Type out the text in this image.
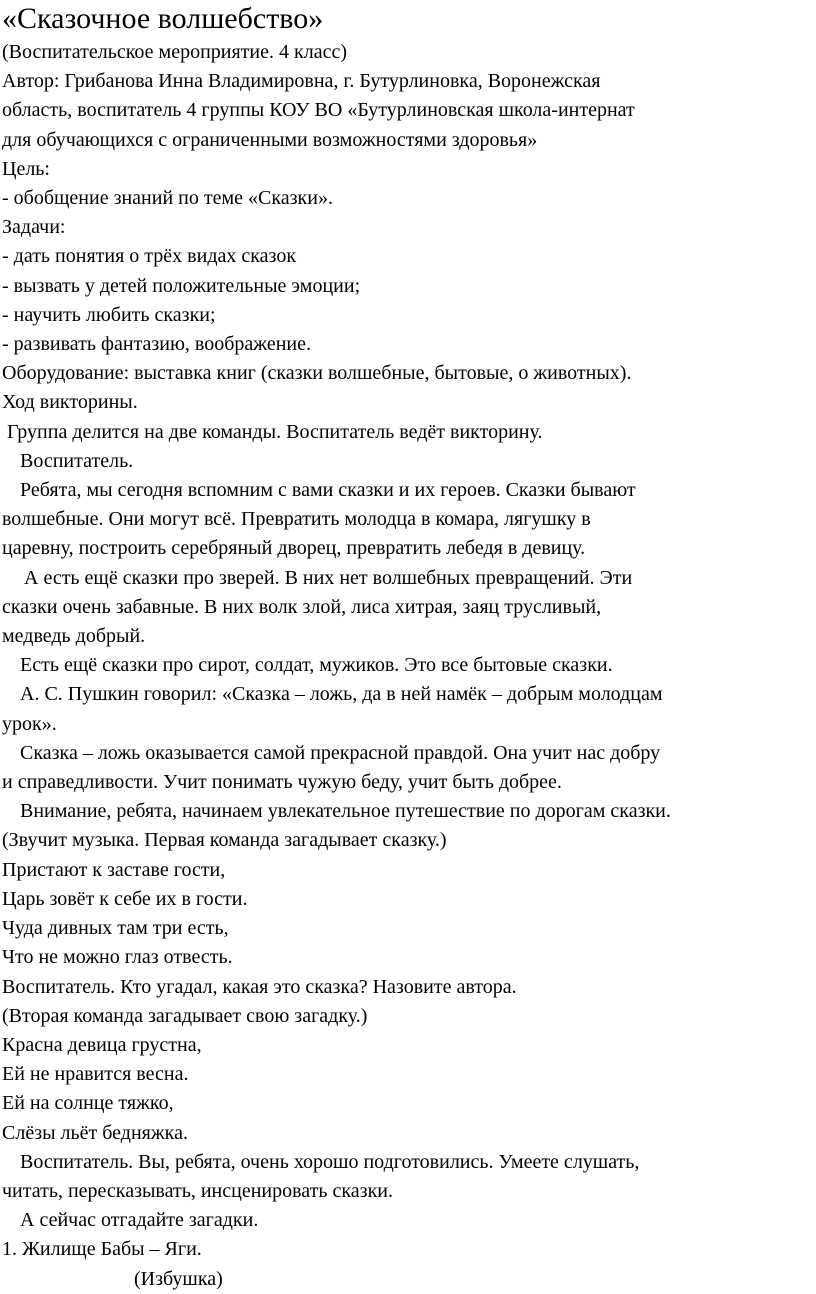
«Сказочное волшебство»

(Воспитательское мероприятие. 4 класс)

Автор: Грибанова Инна Владимировна, г. Бутурлиновка, Воронежская

область, воспитатель 4 группы КОУ ВО «Бутурлиновская школа-интернат

для обучающихся с ограниченными возможностями здоровья»

Цель:

- обобщение знаний по теме «Сказки».

Задачи:

- дать понятия о трёх видах сказок

- вызвать у детей положительные эмоции;

- научить любить сказки;

- развивать фантазию, воображение.

Оборудование: выставка книг (сказки волшебные, бытовые, о животных).

Ход викторины.

Группа делится на две команды. Воспитатель ведёт викторину.

Воспитатель.

Ребята, мы сегодня вспомним с вами сказки и их героев. Сказки бывают

волшебные. Они могут всё. Превратить молодца в комара, лягушку в

царевну, построить серебряный дворец, превратить лебедя в девицу.

А есть ещё сказки про зверей. В них нет волшебных превращений. Эти

сказки очень забавные. В них волк злой, лиса хитрая, заяц трусливый,

медведь добрый.

Есть ещё сказки про сирот, солдат, мужиков. Это все бытовые сказки.

А. С. Пушкин говорил: «Сказка – ложь, да в ней намёк – добрым молодцам

урок».

Сказка – ложь оказывается самой прекрасной правдой. Она учит нас добру

и справедливости. Учит понимать чужую беду, учит быть добрее.

Внимание, ребята, начинаем увлекательное путешествие по дорогам сказки.

(Звучит музыка. Первая команда загадывает сказку.)

Пристают к заставе гости,

Царь зовёт к себе их в гости.

Чуда дивных там три есть,

Что не можно глаз отвесть.

Воспитатель. Кто угадал, какая это сказка? Назовите автора.

(Вторая команда загадывает свою загадку.)

Красна девица грустна,

Ей не нравится весна.

Ей на солнце тяжко,

Слёзы льёт бедняжка.

Воспитатель. Вы, ребята, очень хорошо подготовились. Умеете слушать,

читать, пересказывать, инсценировать сказки.

А сейчас отгадайте загадки.

1. Жилище Бабы – Яги.

(Избушка)
